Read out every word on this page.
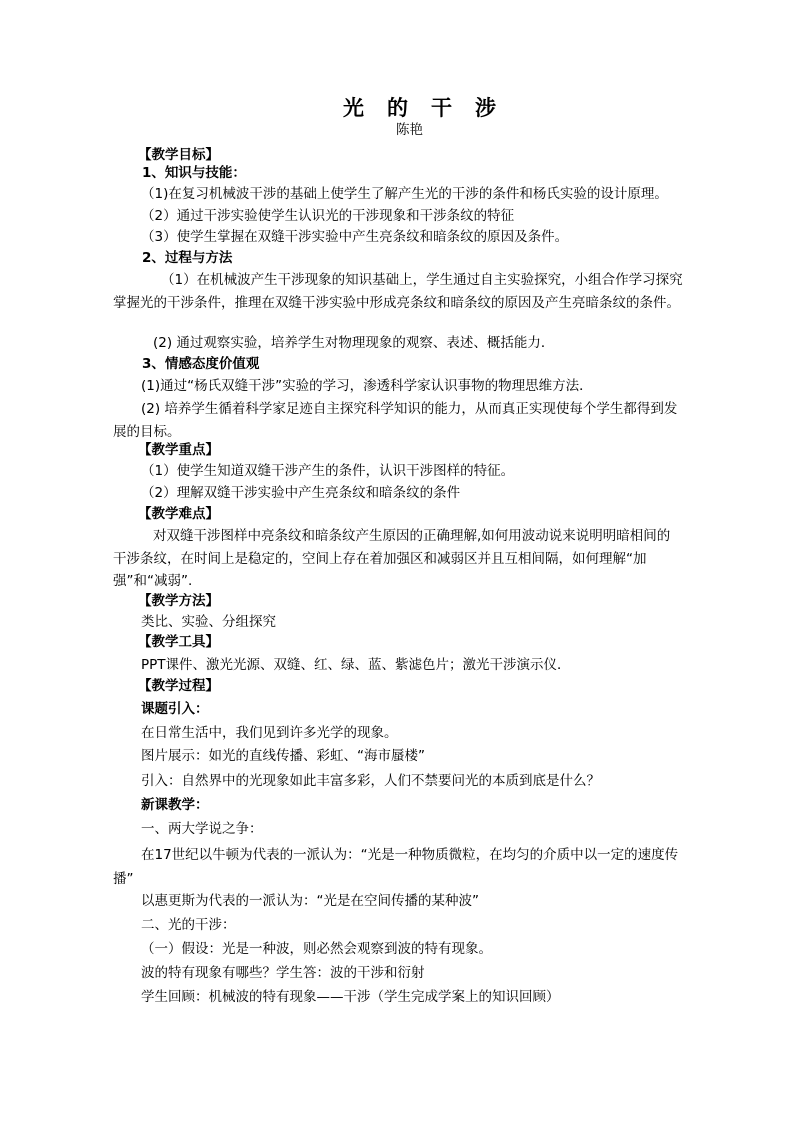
光　的　干　涉
陈艳
【教学目标】
1、知识与技能：
（1)在复习机械波干涉的基础上使学生了解产生光的干涉的条件和杨氏实验的设计原理。
（2）通过干涉实验使学生认识光的干涉现象和干涉条纹的特征
（3）使学生掌握在双缝干涉实验中产生亮条纹和暗条纹的原因及条件。
2、过程与方法
（1）在机械波产生干涉现象的知识基础上，学生通过自主实验探究，小组合作学习探究掌握光的干涉条件，推理在双缝干涉实验中形成亮条纹和暗条纹的原因及产生亮暗条纹的条件。
(2) 通过观察实验，培养学生对物理现象的观察、表述、概括能力．
3、情感态度价值观
(1)通过“杨氏双缝干涉”实验的学习，渗透科学家认识事物的物理思维方法．
(2) 培养学生循着科学家足迹自主探究科学知识的能力，从而真正实现使每个学生都得到发展的目标。
【教学重点】
（1）使学生知道双缝干涉产生的条件，认识干涉图样的特征。
（2）理解双缝干涉实验中产生亮条纹和暗条纹的条件
【教学难点】
对双缝干涉图样中亮条纹和暗条纹产生原因的正确理解,如何用波动说来说明明暗相间的干涉条纹，在时间上是稳定的，空间上存在着加强区和减弱区并且互相间隔，如何理解“加强”和“减弱”.
【教学方法】
类比、实验、分组探究
【教学工具】
PPT课件、激光光源、双缝、红、绿、蓝、紫滤色片；激光干涉演示仪．
【教学过程】
课题引入：
在日常生活中，我们见到许多光学的现象。
图片展示：如光的直线传播、彩虹、“海市蜃楼”
引入：自然界中的光现象如此丰富多彩，人们不禁要问光的本质到底是什么？
新课教学：
一、两大学说之争：
在17世纪以牛顿为代表的一派认为：“光是一种物质微粒，在均匀的介质中以一定的速度传播”
以惠更斯为代表的一派认为：“光是在空间传播的某种波”
二、光的干涉：
（一）假设：光是一种波，则必然会观察到波的特有现象。
波的特有现象有哪些？学生答：波的干涉和衍射
学生回顾：机械波的特有现象——干涉（学生完成学案上的知识回顾）
